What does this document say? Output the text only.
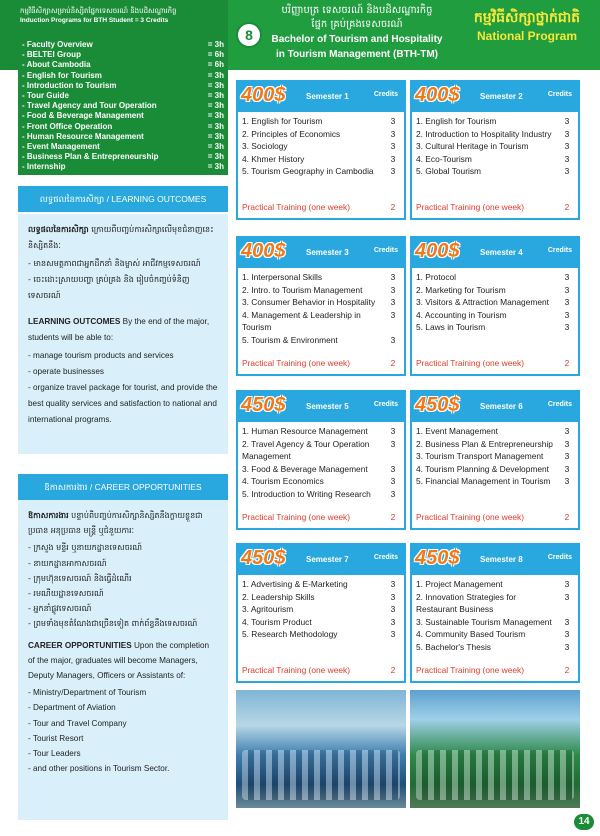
កម្មវិធីសិក្សាសម្រាប់និស្សិតផ្នែកទេសចរណ៍ និងបដិសណ្ឋារកិច្ច
Induction Programs for BTH Student = 3 Credits
8
បរិញ្ញាបត្រ ទេសចរណ៍ និងបដិសណ្ឋារកិច្ច
ផ្នែក គ្រប់គ្រងទេសចរណ៍
Bachelor of Tourism and Hospitality
in Tourism Management (BTH-TM)
កម្មវិធីសិក្សាថ្នាក់ជាតិ
National Program
- Faculty Overview	= 3h
- BELTEI Group	= 6h
- About Cambodia	= 6h
- English for Tourism	= 3h
- Introduction to Tourism	= 3h
- Tour Guide	= 3h
- Travel Agency and Tour Operation	= 3h
- Food & Beverage Management	= 3h
- Front Office Operation	= 3h
- Human Resource Management	= 3h
- Event Management	= 3h
- Business Plan & Entrepreneurship	= 3h
- Internship	= 3h
លទ្ធផលនៃការសិក្សា / LEARNING OUTCOMES

លទ្ធផលនៃការសិក្សា ក្រោយពីបញ្ចប់ការសិក្សាលើមុខជំនាញនេះនិស្សិតនឹងៈ

- មានសមត្ថភាពជាអ្នកដឹកនាំ និងម្ចាស់ អាជីវកម្មទេសចរណ៍
- ចេះដោះស្រាយបញ្ហា គ្រប់គ្រង និង រៀបចំកញ្ចប់ទំនិញ ទេសចរណ៍

LEARNING OUTCOMES By the end of the major, students will be able to:

- manage tourism products and services
- operate businesses
- organize travel package for tourist, and provide the best quality services and satisfaction to national and international programs.
ឱកាសការងារ / CAREER OPPORTUNITIES

ឱកាសការងារ បន្ទាប់ពីបញ្ចប់ការសិក្សានិស្សិតនឹងក្លាយខ្លួនជាប្រធាន អនុប្រធាន មន្ត្រី ឬជំនួយការៈ

- ក្រសួង មន្ទីរ ឬនាយកដ្ឋានទេសចរណ៍
- នាយកដ្ឋានអាកាសចរណ៍
- ក្រុមហ៊ុនទេសចរណ៍ និងធ្វើដំណើរ
- រមណីយដ្ឋានទេសចរណ៍
- អ្នកនាំផ្លូវទេសចរណ៍
- ព្រមទាំងមុខតំណែងជាច្រើនទៀត ពាក់ព័ន្ធនឹងទេសចរណ៍

CAREER OPPORTUNITIES Upon the completion of the major, graduates will become Managers, Deputy Managers, Officers or Assistants of:

- Ministry/Department of Tourism
- Department of Aviation
- Tour and Travel Company
- Tourist Resort
- Tour Leaders
- and other positions in Tourism Sector.
400$	Semester 1	Credits
1. English for Tourism	3
2. Principles of Economics	3
3. Sociology	3
4. Khmer History	3
5. Tourism Geography in Cambodia	3
Practical Training (one week)	2
400$	Semester 2	Credits
1. English for Tourism	3
2. Introduction to Hospitality Industry	3
3. Cultural Heritage in Tourism	3
4. Eco-Tourism	3
5. Global Tourism	3
Practical Training (one week)	2
400$	Semester 3	Credits
1. Interpersonal Skills	3
2. Intro. to Tourism Management	3
3. Consumer Behavior in Hospitality	3
4. Management & Leadership in Tourism
3
5. Tourism & Environment	3
Practical Training (one week)	2
400$	Semester 4	Credits
1. Protocol	3
2. Marketing for Tourism	3
3. Visitors & Attraction Management	3
4. Accounting in Tourism	3
5. Laws in Tourism	3
Practical Training (one week)	2
450$	Semester 5	Credits
1. Human Resource Management	3
2. Travel Agency & Tour Operation Management
3
3. Food & Beverage Management	3
4. Tourism Economics	3
5. Introduction to Writing Research	3
Practical Training (one week)	2
450$	Semester 6	Credits
1. Event Management	3
2. Business Plan & Entrepreneurship	3
3. Tourism Transport Management	3
4. Tourism Planning & Development	3
5. Financial Management in Tourism	3
Practical Training (one week)	2
450$	Semester 7	Credits
1. Advertising & E-Marketing	3
2. Leadership Skills	3
3. Agritourism	3
4. Tourism Product	3
5. Research Methodology	3
Practical Training (one week)	2
450$	Semester 8	Credits
1. Project Management	3
2. Innovation Strategies for Restaurant Business
3
3. Sustainable Tourism Management	3
4. Community Based Tourism	3
5. Bachelor's Thesis	3
Practical Training (one week)	2
14
